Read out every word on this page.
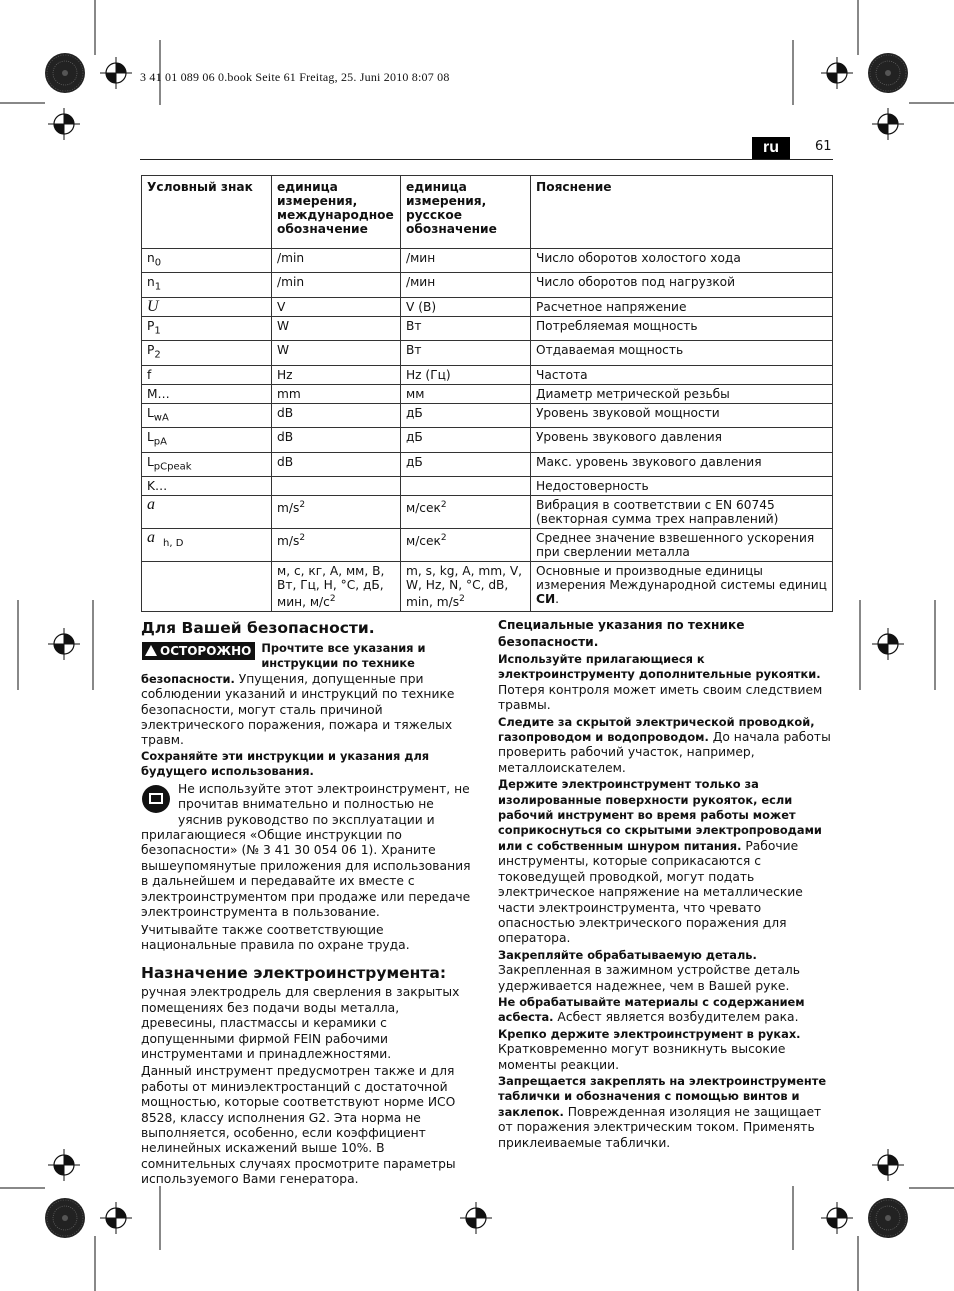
3 41 01 089 06 0.book Seite 61 Freitag, 25. Juni 2010 8:07 08
ru	61
Условный знак	единица измерения, международное обозначение	единица измерения, русское обозначение	Пояснение
$n_0$	/min	/мин	Число оборотов холостого хода
$n_1$	/min	/мин	Число оборотов под нагрузкой
U	V	V (В)	Расчетное напряжение
$P_1$	W	Вт	Потребляемая мощность
$P_2$	W	Вт	Отдаваемая мощность
f	Hz	Hz (Гц)	Частота
M…	mm	мм	Диаметр метрической резьбы
$L_{wA}$	dB	дБ	Уровень звуковой мощности
$L_{pA}$	dB	дБ	Уровень звукового давления
$L_{pCpeak}$	dB	дБ	Макс. уровень звукового давления
K…			Недостоверность
a	$m/s^2$	м/сек$^2$	Вибрация в соответствии с EN 60745 (векторная сумма трех направлений)
a $_{h, D}$	$m/s^2$	м/сек$^2$	Среднее значение взвешенного ускорения при сверлении металла
	м, с, кг, А, мм, В, Вт, Гц, Н, °С, дБ, мин, $м/с^2$	m, s, kg, A, mm, V, W, Hz, N, °C, dB, min, $m/s^2$	Основные и производные единицы измерения Международной системы единиц СИ.

Для Вашей безопасности.

ОСТОРОЖНО Прочтите все указания и инструкции по технике безопасности. Упущения, допущенные при соблюдении указаний и инструкций по технике безопасности, могут сталь причиной электрического поражения, пожара и тяжелых травм.

Сохраняйте эти инструкции и указания для будущего использования.

Не используйте этот электроинструмент, не прочитав внимательно и полностью не уяснив руководство по эксплуатации и прилагающиеся «Общие инструкции по безопасности» (№ 3 41 30 054 06 1). Храните вышеупомянутые приложения для использования в дальнейшем и передавайте их вместе с электроинструментом при продаже или передаче электроинструмента в пользование.

Учитывайте также соответствующие национальные правила по охране труда.

Назначение электроинструмента:

ручная электродрель для сверления в закрытых помещениях без подачи воды металла, древесины, пластмассы и керамики с допущенными фирмой FEIN рабочими инструментами и принадлежностями.

Данный инструмент предусмотрен также и для работы от миниэлектростанций с достаточной мощностью, которые соответствуют норме ИСО 8528, классу исполнения G2. Эта норма не выполняется, особенно, если коэффициент нелинейных искажений выше 10%. В сомнительных случаях просмотрите параметры используемого Вами генератора.

Специальные указания по технике безопасности.

Используйте прилагающиеся к электроинструменту дополнительные рукоятки. Потеря контроля может иметь своим следствием травмы.

Следите за скрытой электрической проводкой, газопроводом и водопроводом. До начала работы проверить рабочий участок, например, металлоискателем.

Держите электроинструмент только за изолированные поверхности рукояток, если рабочий инструмент во время работы может соприкоснуться со скрытыми электропроводами или с собственным шнуром питания. Рабочие инструменты, которые соприкасаются с токоведущей проводкой, могут подать электрическое напряжение на металлические части электроинструмента, что чревато опасностью электрического поражения для оператора.

Закрепляйте обрабатываемую деталь. Закрепленная в зажимном устройстве деталь удерживается надежнее, чем в Вашей руке.

Не обрабатывайте материалы с содержанием асбеста. Асбест является возбудителем рака.

Крепко держите электроинструмент в руках. Кратковременно могут возникнуть высокие моменты реакции.

Запрещается закреплять на электроинструменте таблички и обозначения с помощью винтов и заклепок. Поврежденная изоляция не защищает от поражения электрическим током. Применять приклеиваемые таблички.
